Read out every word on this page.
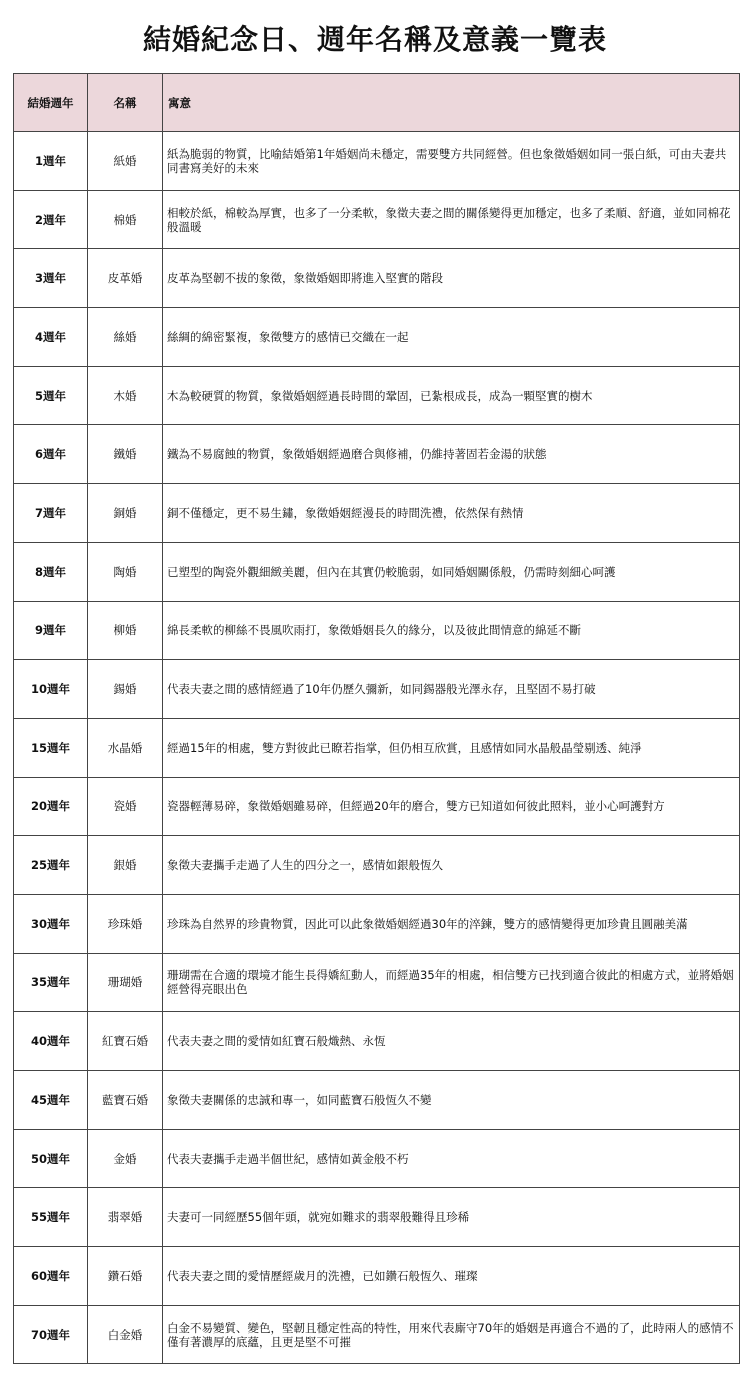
結婚紀念日、週年名稱及意義一覽表
結婚週年	名稱	寓意
1週年	紙婚	紙為脆弱的物質，比喻結婚第1年婚姻尚未穩定，需要雙方共同經營。但也象徵婚姻如同一張白紙，可由夫妻共同書寫美好的未來
2週年	棉婚	相較於紙，棉較為厚實，也多了一分柔軟，象徵夫妻之間的關係變得更加穩定，也多了柔順、舒適，並如同棉花般溫暖
3週年	皮革婚	皮革為堅韌不拔的象徵，象徵婚姻即將進入堅實的階段
4週年	絲婚	絲綢的綿密緊複，象徵雙方的感情已交織在一起
5週年	木婚	木為較硬質的物質，象徵婚姻經過長時間的鞏固，已紮根成長，成為一顆堅實的樹木
6週年	鐵婚	鐵為不易腐蝕的物質，象徵婚姻經過磨合與修補，仍維持著固若金湯的狀態
7週年	銅婚	銅不僅穩定，更不易生鏽，象徵婚姻經漫長的時間洗禮，依然保有熱情
8週年	陶婚	已塑型的陶瓷外觀細緻美麗，但內在其實仍較脆弱，如同婚姻關係般，仍需時刻細心呵護
9週年	柳婚	綿長柔軟的柳絲不畏風吹雨打，象徵婚姻長久的緣分，以及彼此間情意的綿延不斷
10週年	錫婚	代表夫妻之間的感情經過了10年仍歷久彌新，如同錫器般光澤永存，且堅固不易打破
15週年	水晶婚	經過15年的相處，雙方對彼此已瞭若指掌，但仍相互欣賞，且感情如同水晶般晶瑩剔透、純淨
20週年	瓷婚	瓷器輕薄易碎，象徵婚姻雖易碎，但經過20年的磨合，雙方已知道如何彼此照料，並小心呵護對方
25週年	銀婚	象徵夫妻攜手走過了人生的四分之一，感情如銀般恆久
30週年	珍珠婚	珍珠為自然界的珍貴物質，因此可以此象徵婚姻經過30年的淬鍊，雙方的感情變得更加珍貴且圓融美滿
35週年	珊瑚婚	珊瑚需在合適的環境才能生長得嬌紅動人，而經過35年的相處，相信雙方已找到適合彼此的相處方式，並將婚姻經營得亮眼出色
40週年	紅寶石婚	代表夫妻之間的愛情如紅寶石般熾熱、永恆
45週年	藍寶石婚	象徵夫妻關係的忠誠和專一，如同藍寶石般恆久不變
50週年	金婚	代表夫妻攜手走過半個世紀，感情如黃金般不朽
55週年	翡翠婚	夫妻可一同經歷55個年頭，就宛如難求的翡翠般難得且珍稀
60週年	鑽石婚	代表夫妻之間的愛情歷經歲月的洗禮，已如鑽石般恆久、璀璨
70週年	白金婚	白金不易變質、變色，堅韌且穩定性高的特性，用來代表廝守70年的婚姻是再適合不過的了，此時兩人的感情不僅有著濃厚的底蘊，且更是堅不可摧
